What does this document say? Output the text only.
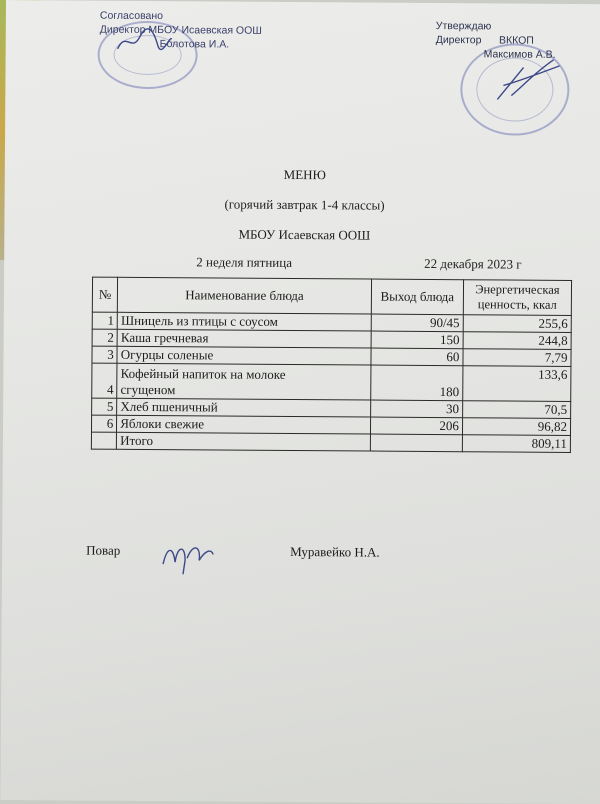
Согласовано
Директор МБОУ Исаевская ООШ
Болотова И.А.
Утверждаю
Директор ВККОП
Максимов А.В.
МЕНЮ
(горячий завтрак 1-4 классы)
МБОУ Исаевская ООШ
2 неделя пятница	22 декабря 2023 г
№	Наименование блюда	Выход блюда	Энергетическая
ценность, ккал

1	Шницель из птицы с соусом	90/45	255,6
2	Каша гречневая	150	244,8
3	Огурцы соленые	60	7,79
4	Кофейный напиток на молоке
сгущеном	180	133,6
5	Хлеб пшеничный	30	70,5
6	Яблоки свежие	206	96,82
	Итого		809,11
Повар	Муравейко Н.А.
